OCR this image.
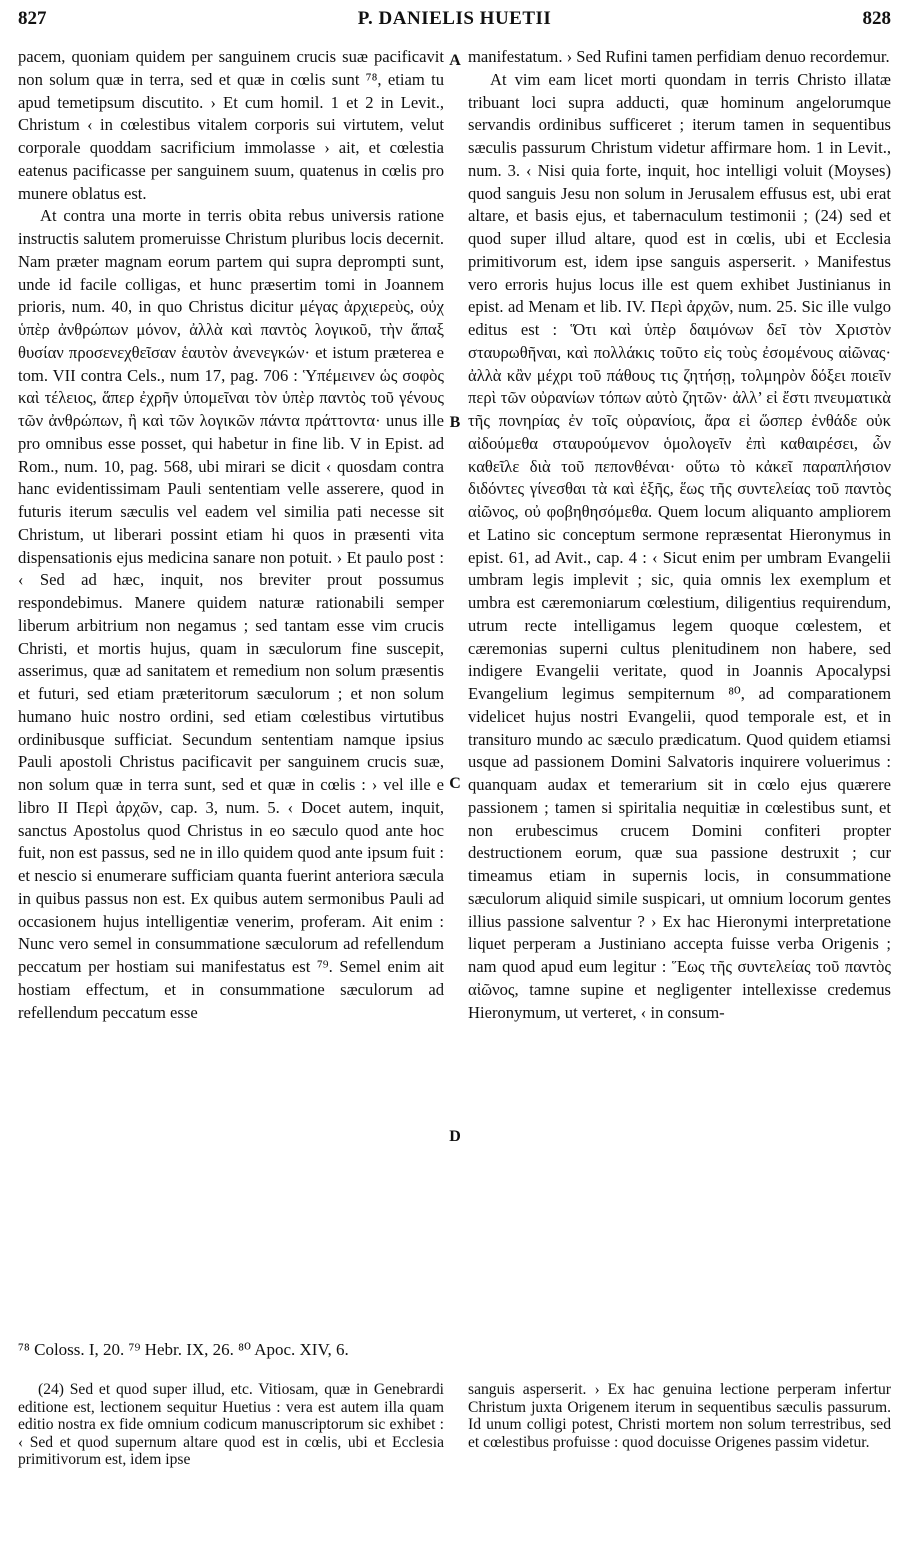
827	P. DANIELIS HUETII	828

pacem, quoniam quidem per sanguinem crucis suæ pacificavit non solum quæ in terra, sed et quæ in cœlis sunt ⁷⁸, etiam tu apud temetipsum discutito. › Et cum homil. 1 et 2 in Levit., Christum ‹ in cœlestibus vitalem corporis sui virtutem, velut corporale quoddam sacrificium immolasse › ait, et cœlestia eatenus pacificasse per sanguinem suum, quatenus in cœlis pro munere oblatus est.

At contra una morte in terris obita rebus universis ratione instructis salutem promeruisse Christum pluribus locis decernit. Nam præter magnam eorum partem qui supra deprompti sunt, unde id facile colligas, et hunc præsertim tomi in Joannem prioris, num. 40, in quo Christus dicitur μέγας ἀρχιερεὺς, οὐχ ὑπὲρ ἀνθρώπων μόνον, ἀλλὰ καὶ παντὸς λογικοῦ, τὴν ἅπαξ θυσίαν προσενεχθεῖσαν ἑαυτὸν ἀνενεγκών· et istum præterea e tom. VII contra Cels., num 17, pag. 706 : Ὑπέμεινεν ὡς σοφὸς καὶ τέλειος, ἅπερ ἐχρῆν ὑπομεῖναι τὸν ὑπὲρ παντὸς τοῦ γένους τῶν ἀνθρώπων, ἢ καὶ τῶν λογικῶν πάντα πράττοντα· unus ille pro omnibus esse posset, qui habetur in fine lib. V in Epist. ad Rom., num. 10, pag. 568, ubi mirari se dicit ‹ quosdam contra hanc evidentissimam Pauli sententiam velle asserere, quod in futuris iterum sæculis vel eadem vel similia pati necesse sit Christum, ut liberari possint etiam hi quos in præsenti vita dispensationis ejus medicina sanare non potuit. › Et paulo post : ‹ Sed ad hæc, inquit, nos breviter prout possumus respondebimus. Manere quidem naturæ rationabili semper liberum arbitrium non negamus ; sed tantam esse vim crucis Christi, et mortis hujus, quam in sæculorum fine suscepit, asserimus, quæ ad sanitatem et remedium non solum præsentis et futuri, sed etiam præteritorum sæculorum ; et non solum humano huic nostro ordini, sed etiam cœlestibus virtutibus ordinibusque sufficiat. Secundum sententiam namque ipsius Pauli apostoli Christus pacificavit per sanguinem crucis suæ, non solum quæ in terra sunt, sed et quæ in cœlis : › vel ille e libro II Περὶ ἀρχῶν, cap. 3, num. 5. ‹ Docet autem, inquit, sanctus Apostolus quod Christus in eo sæculo quod ante hoc fuit, non est passus, sed ne in illo quidem quod ante ipsum fuit : et nescio si enumerare sufficiam quanta fuerint anteriora sæcula in quibus passus non est. Ex quibus autem sermonibus Pauli ad occasionem hujus intelligentiæ venerim, proferam. Ait enim : Nunc vero semel in consummatione sæculorum ad refellendum peccatum per hostiam sui manifestatus est ⁷⁹. Semel enim ait hostiam effectum, et in consummatione sæculorum ad refellendum peccatum esse

A
B
C
D

manifestatum. › Sed Rufini tamen perfidiam denuo recordemur.

At vim eam licet morti quondam in terris Christo illatæ tribuant loci supra adducti, quæ hominum angelorumque servandis ordinibus sufficeret ; iterum tamen in sequentibus sæculis passurum Christum videtur affirmare hom. 1 in Levit., num. 3. ‹ Nisi quia forte, inquit, hoc intelligi voluit (Moyses) quod sanguis Jesu non solum in Jerusalem effusus est, ubi erat altare, et basis ejus, et tabernaculum testimonii ; (24) sed et quod super illud altare, quod est in cœlis, ubi et Ecclesia primitivorum est, idem ipse sanguis asperserit. › Manifestus vero erroris hujus locus ille est quem exhibet Justinianus in epist. ad Menam et lib. IV. Περὶ ἀρχῶν, num. 25. Sic ille vulgo editus est : Ὅτι καὶ ὑπὲρ δαιμόνων δεῖ τὸν Χριστὸν σταυρωθῆναι, καὶ πολλάκις τοῦτο εἰς τοὺς ἐσομένους αἰῶνας· ἀλλὰ κἂν μέχρι τοῦ πάθους τις ζητήσῃ, τολμηρὸν δόξει ποιεῖν περὶ τῶν οὐρανίων τόπων αὐτὸ ζητῶν· ἀλλ’ εἰ ἔστι πνευματικὰ τῆς πονηρίας ἐν τοῖς οὐρανίοις, ἄρα εἰ ὥσπερ ἐνθάδε οὐκ αἰδούμεθα σταυρούμενον ὁμολογεῖν ἐπὶ καθαιρέσει, ὧν καθεῖλε διὰ τοῦ πεπονθέναι· οὕτω τὸ κἀκεῖ παραπλήσιον διδόντες γίνεσθαι τὰ καὶ ἑξῆς, ἕως τῆς συντελείας τοῦ παντὸς αἰῶνος, οὐ φοβηθησόμεθα. Quem locum aliquanto ampliorem et Latino sic conceptum sermone repræsentat Hieronymus in epist. 61, ad Avit., cap. 4 : ‹ Sicut enim per umbram Evangelii umbram legis implevit ; sic, quia omnis lex exemplum et umbra est cæremoniarum cœlestium, diligentius requirendum, utrum recte intelligamus legem quoque cœlestem, et cæremonias superni cultus plenitudinem non habere, sed indigere Evangelii veritate, quod in Joannis Apocalypsi Evangelium legimus sempiternum ⁸⁰, ad comparationem videlicet hujus nostri Evangelii, quod temporale est, et in transituro mundo ac sæculo prædicatum. Quod quidem etiamsi usque ad passionem Domini Salvatoris inquirere voluerimus : quanquam audax et temerarium sit in cœlo ejus quærere passionem ; tamen si spiritalia nequitiæ in cœlestibus sunt, et non erubescimus crucem Domini confiteri propter destructionem eorum, quæ sua passione destruxit ; cur timeamus etiam in supernis locis, in consummatione sæculorum aliquid simile suspicari, ut omnium locorum gentes illius passione salventur ? › Ex hac Hieronymi interpretatione liquet perperam a Justiniano accepta fuisse verba Origenis ; nam quod apud eum legitur : Ἕως τῆς συντελείας τοῦ παντὸς αἰῶνος, tamne supine et negligenter intellexisse credemus Hieronymum, ut verteret, ‹ in consum-

⁷⁸ Coloss. I, 20. ⁷⁹ Hebr. IX, 26. ⁸⁰ Apoc. XIV, 6.

(24) Sed et quod super illud, etc. Vitiosam, quæ in Genebrardi editione est, lectionem sequitur Huetius : vera est autem illa quam editio nostra ex fide omnium codicum manuscriptorum sic exhibet : ‹ Sed et quod supernum altare quod est in cœlis, ubi et Ecclesia primitivorum est, idem ipse

sanguis asperserit. › Ex hac genuina lectione perperam infertur Christum juxta Origenem iterum in sequentibus sæculis passurum. Id unum colligi potest, Christi mortem non solum terrestribus, sed et cœlestibus profuisse : quod docuisse Origenes passim videtur.
